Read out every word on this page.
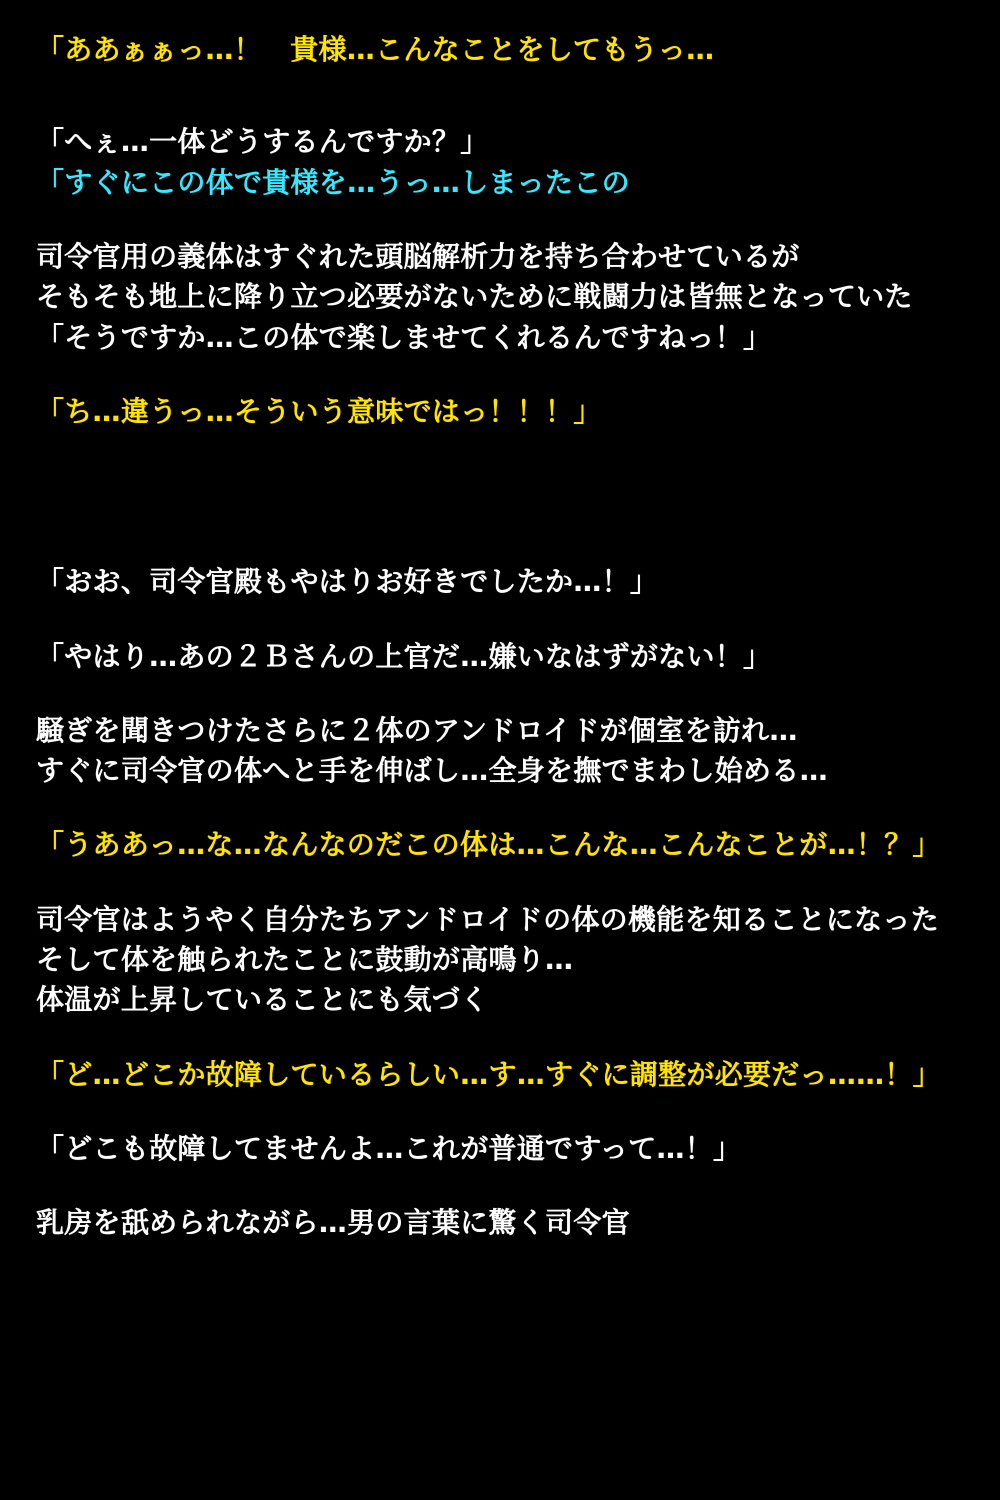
「ああぁぁっ…！　貴様…こんなことをしてもうっ…
「へぇ…一体どうするんですか？」
「すぐにこの体で貴様を…うっ…しまったこの
司令官用の義体はすぐれた頭脳解析力を持ち合わせているが
そもそも地上に降り立つ必要がないために戦闘力は皆無となっていた
「そうですか…この体で楽しませてくれるんですねっ！」
「ち…違うっ…そういう意味ではっ！！！」
「おお、司令官殿もやはりお好きでしたか…！」
「やはり…あの２Ｂさんの上官だ…嫌いなはずがない！」
騒ぎを聞きつけたさらに２体のアンドロイドが個室を訪れ…
すぐに司令官の体へと手を伸ばし…全身を撫でまわし始める…
「うああっ…な…なんなのだこの体は…こんな…こんなことが…！？」
司令官はようやく自分たちアンドロイドの体の機能を知ることになった
そして体を触られたことに鼓動が高鳴り…
体温が上昇していることにも気づく
「ど…どこか故障しているらしい…す…すぐに調整が必要だっ……！」
「どこも故障してませんよ…これが普通ですって…！」
乳房を舐められながら…男の言葉に驚く司令官
